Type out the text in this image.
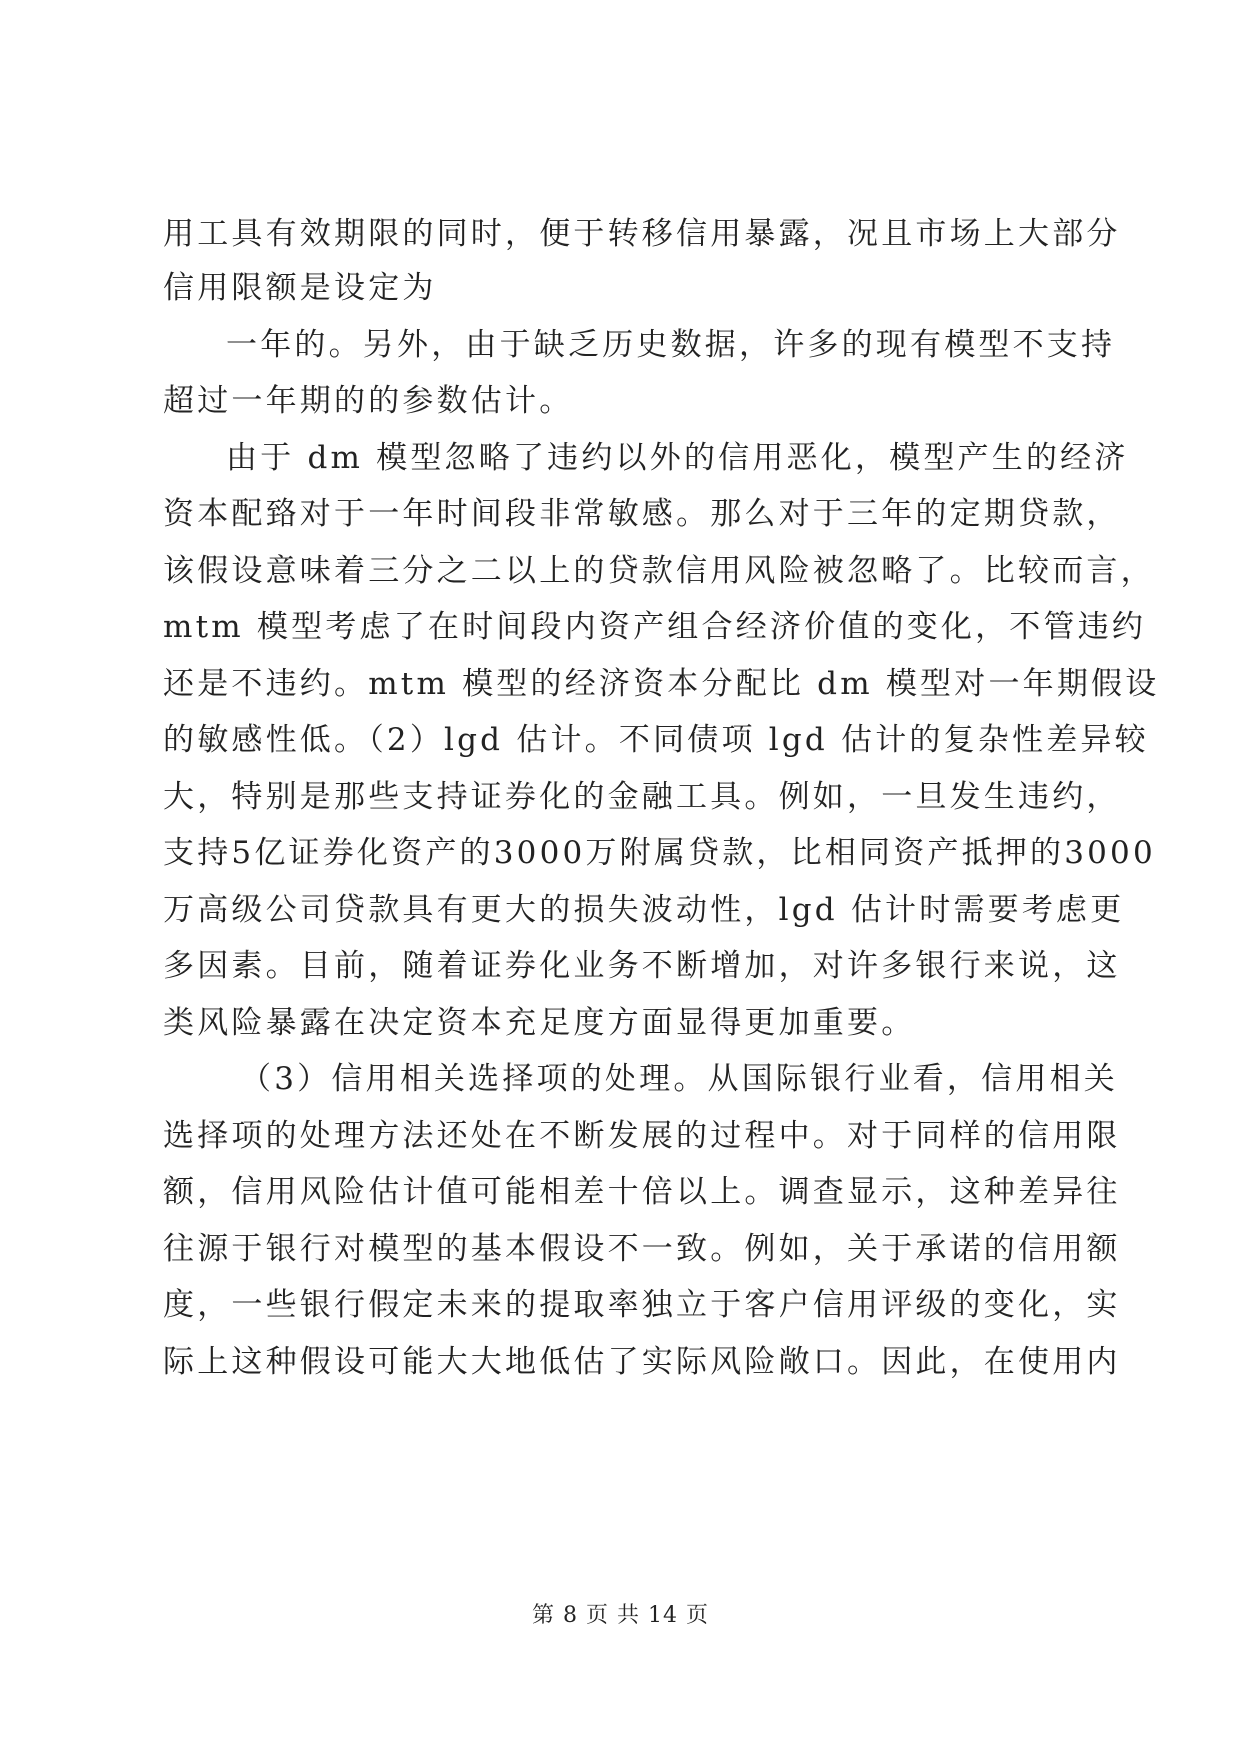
用工具有效期限的同时，便于转移信用暴露，况且市场上大部分
信用限额是设定为
一年的。另外，由于缺乏历史数据，许多的现有模型不支持
超过一年期的的参数估计。
由于 dm 模型忽略了违约以外的信用恶化，模型产生的经济
资本配臵对于一年时间段非常敏感。那么对于三年的定期贷款，
该假设意味着三分之二以上的贷款信用风险被忽略了。比较而言，
mtm 模型考虑了在时间段内资产组合经济价值的变化，不管违约
还是不违约。mtm 模型的经济资本分配比 dm 模型对一年期假设
的敏感性低。（2）lgd 估计。不同债项 lgd 估计的复杂性差异较
大，特别是那些支持证券化的金融工具。例如，一旦发生违约，
支持5亿证券化资产的3000万附属贷款，比相同资产抵押的3000
万高级公司贷款具有更大的损失波动性，lgd 估计时需要考虑更
多因素。目前，随着证券化业务不断增加，对许多银行来说，这
类风险暴露在决定资本充足度方面显得更加重要。
（3）信用相关选择项的处理。从国际银行业看，信用相关
选择项的处理方法还处在不断发展的过程中。对于同样的信用限
额，信用风险估计值可能相差十倍以上。调查显示，这种差异往
往源于银行对模型的基本假设不一致。例如，关于承诺的信用额
度，一些银行假定未来的提取率独立于客户信用评级的变化，实
际上这种假设可能大大地低估了实际风险敞口。因此，在使用内
第 8 页 共 14 页
